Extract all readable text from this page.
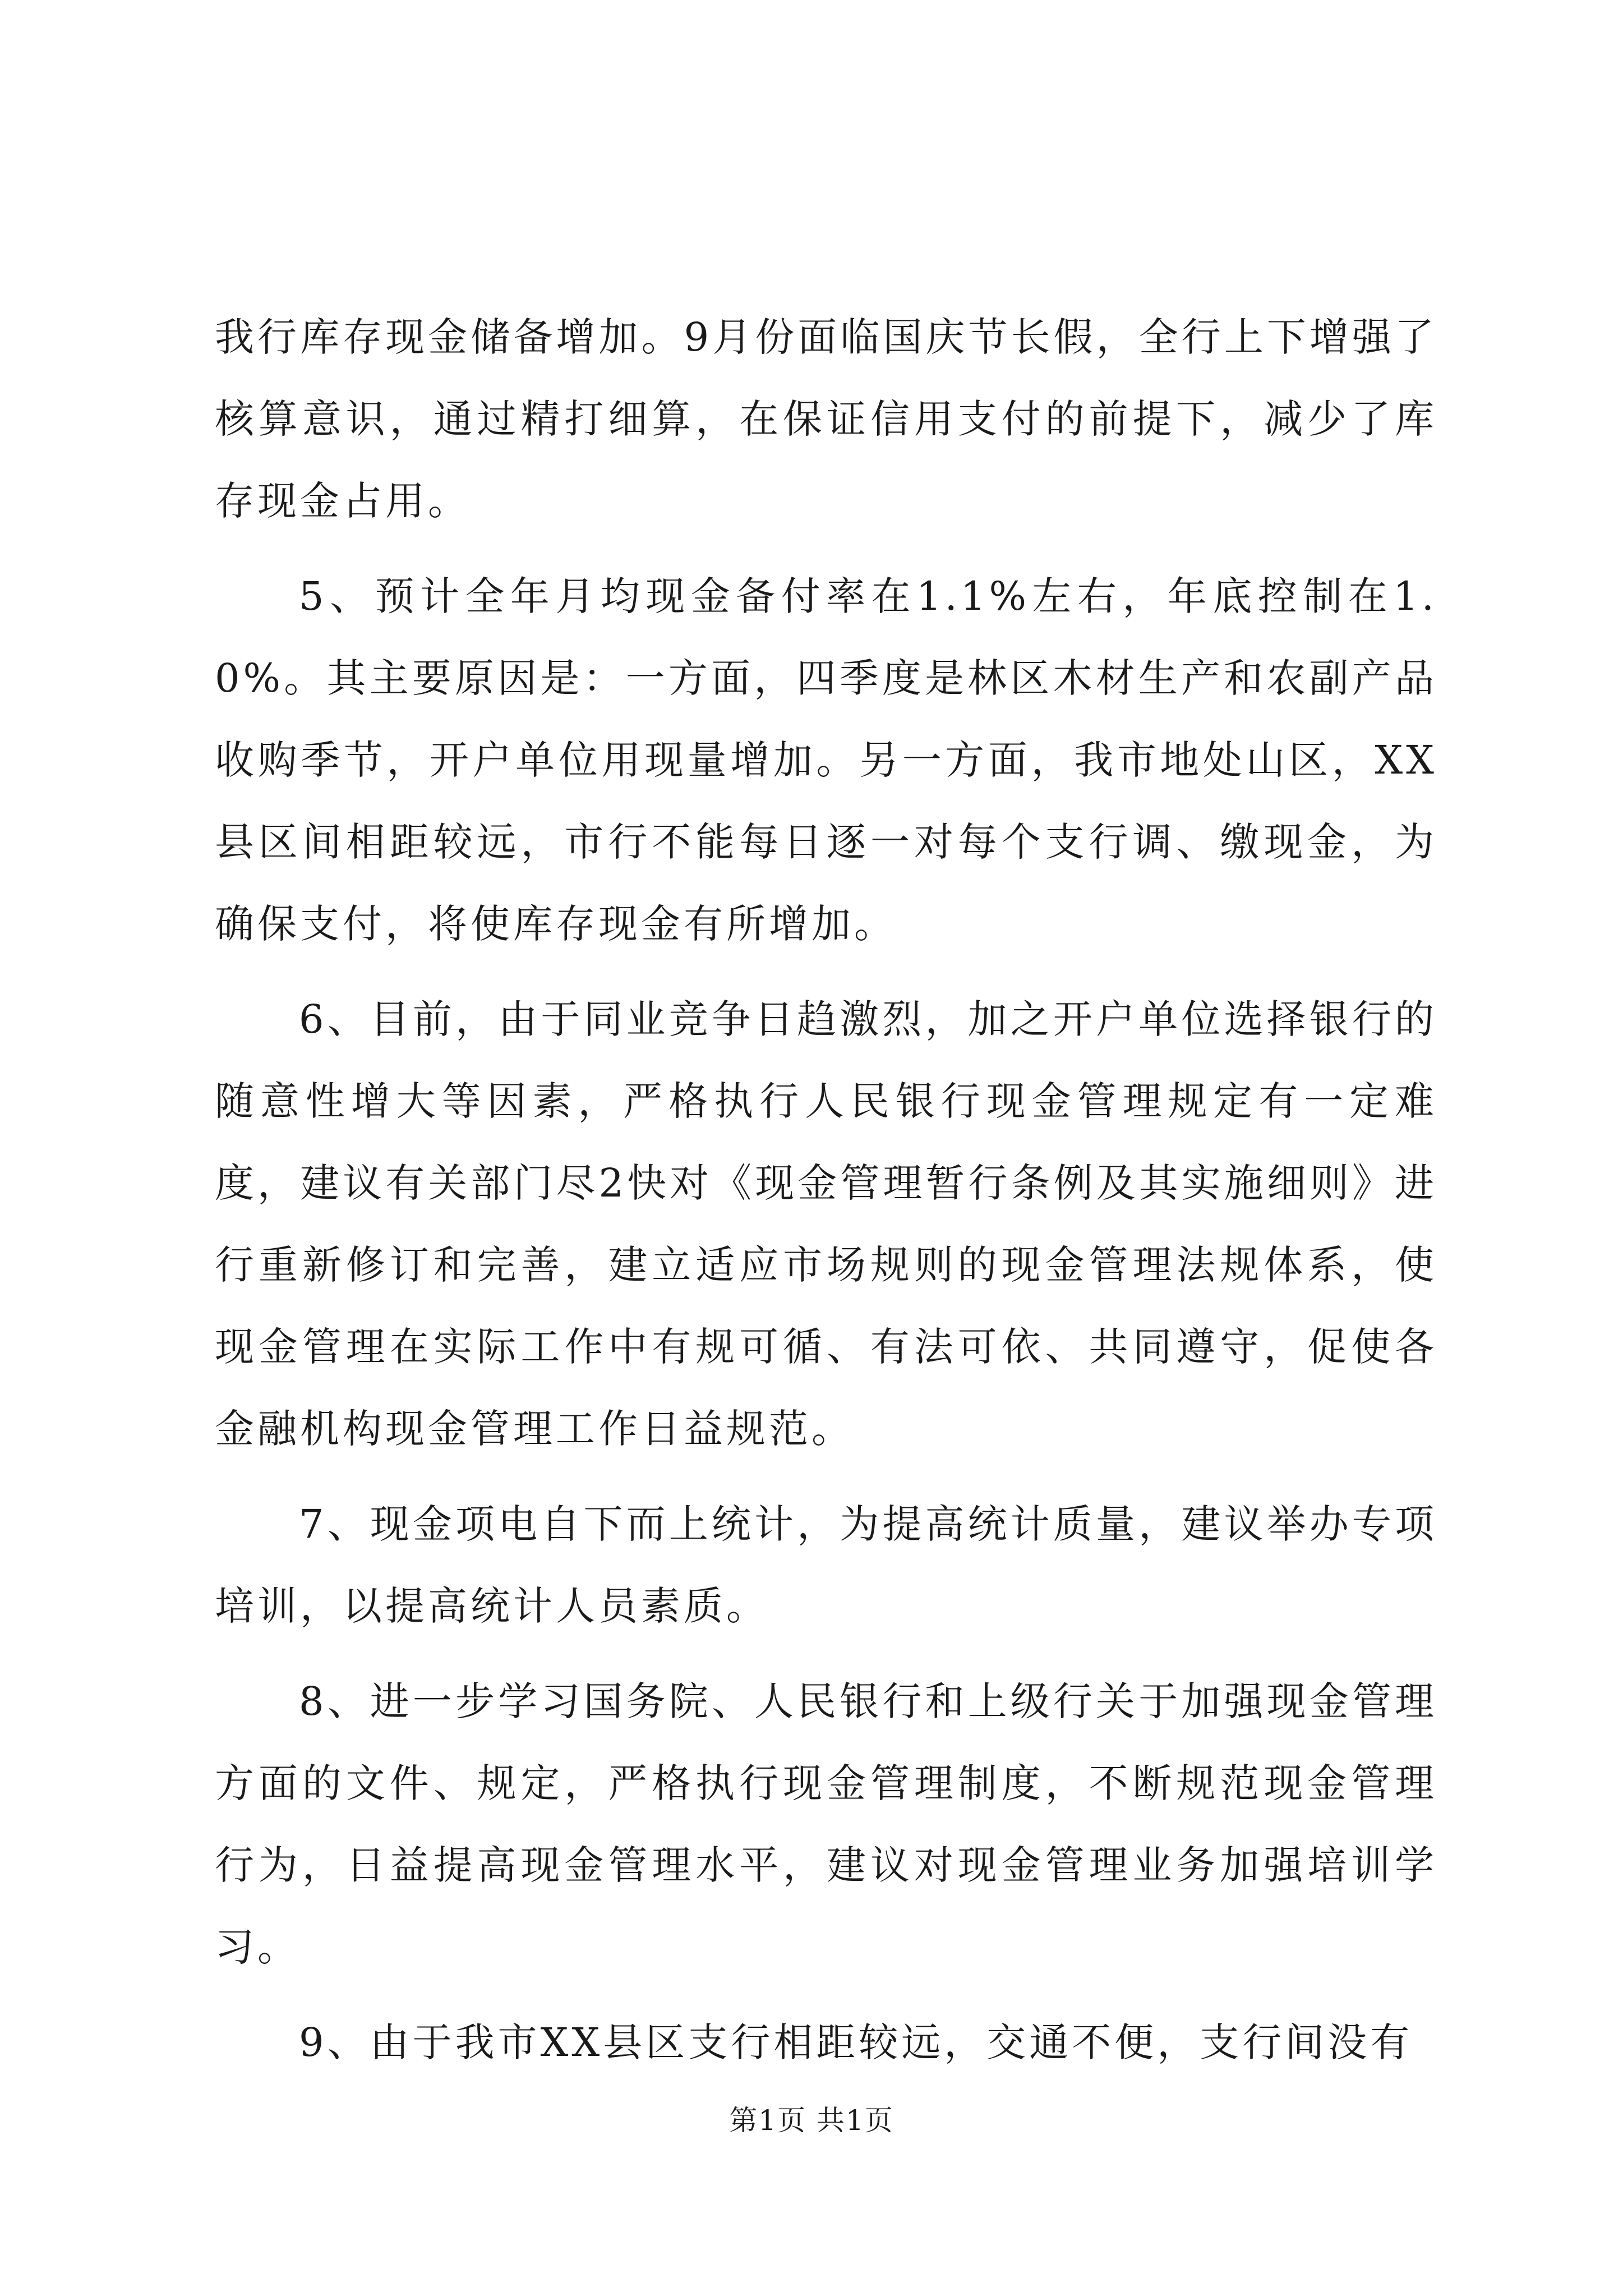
我行库存现金储备增加。9月份面临国庆节长假，全行上下增强了核算意识，通过精打细算，在保证信用支付的前提下，减少了库存现金占用。

5、预计全年月均现金备付率在1.1%左右，年底控制在1.0%。其主要原因是：一方面，四季度是林区木材生产和农副产品收购季节，开户单位用现量增加。另一方面，我市地处山区，XX县区间相距较远，市行不能每日逐一对每个支行调、缴现金，为确保支付，将使库存现金有所增加。

6、目前，由于同业竞争日趋激烈，加之开户单位选择银行的随意性增大等因素，严格执行人民银行现金管理规定有一定难度，建议有关部门尽2快对《现金管理暂行条例及其实施细则》进行重新修订和完善，建立适应市场规则的现金管理法规体系，使现金管理在实际工作中有规可循、有法可依、共同遵守，促使各金融机构现金管理工作日益规范。

7、现金项电自下而上统计，为提高统计质量，建议举办专项培训，以提高统计人员素质。

8、进一步学习国务院、人民银行和上级行关于加强现金管理方面的文件、规定，严格执行现金管理制度，不断规范现金管理行为，日益提高现金管理水平，建议对现金管理业务加强培训学习。

9、由于我市XX县区支行相距较远，交通不便，支行间没有

第1页 共1页
